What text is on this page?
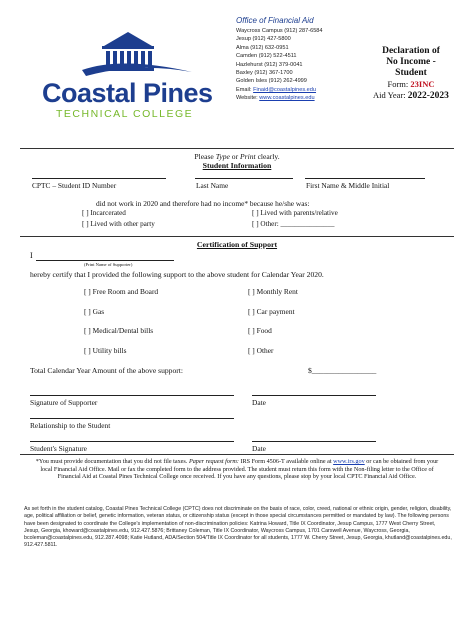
Coastal Pines
TECHNICAL COLLEGE
Office of Financial Aid
Waycross Campus (912) 287-6584
Jesup (912) 427-5800
Alma (912) 632-0951
Camden (912) 522-4511
Hazlehurst (912) 379-0041
Baxley (912) 367-1700
Golden Isles (912) 262-4999
Email: Finaid@coastalpines.edu
Website: www.coastalpines.edu
Declaration of
No Income -
Student
Form: 23INC
Aid Year: 2022-2023
Please Type or Print clearly.
Student Information
CPTC – Student ID Number	Last Name	First Name & Middle Initial
did not work in 2020 and therefore had no income* because he/she was:
[ ] Incarcerated
[ ] Lived with other party
[ ] Lived with parents/relative
[ ] Other: _______________
Certification of Support
I
(Print Name of Supporter)
hereby certify that I provided the following support to the above student for Calendar Year 2020.
[ ] Free Room and Board
[ ] Gas
[ ] Medical/Dental bills
[ ] Utility bills
[ ] Monthly Rent
[ ] Car payment
[ ] Food
[ ] Other
Total Calendar Year Amount of the above support:	$_________________
Signature of Supporter	Date
Relationship to the Student
Student's Signature	Date
*You must provide documentation that you did not file taxes. Paper request form: IRS Form 4506-T available online at www.irs.gov or can be obtained from your local Financial Aid Office. Mail or fax the completed form to the address provided. The student must return this form with the Non-filing letter to the Office of Financial Aid at Coastal Pines Technical College once received. If you have any questions, please stop by your local CPTC Financial Aid Office.
As set forth in the student catalog, Coastal Pines Technical College (CPTC) does not discriminate on the basis of race, color, creed, national or ethnic origin, gender, religion, disability, age, political affiliation or belief, genetic information, veteran status, or citizenship status (except in those special circumstances permitted or mandated by law). The following persons have been designated to coordinate the College's implementation of non-discrimination policies: Katrina Howard, Title IX Coordinator, Jesup Campus, 1777 West Cherry Street, Jesup, Georgia, khoward@coastalpines.edu, 912.427.5876; Brittaney Coleman, Title IX Coordinator, Waycross Campus, 1701 Carswell Avenue, Waycross, Georgia, bcoleman@coastalpines.edu, 912.287.4098; Katie Hutland, ADA/Section 504/Title IX Coordinator for all students, 1777 W. Cherry Street, Jesup, Georgia, khutland@coastalpines.edu, 912.427.5811.
